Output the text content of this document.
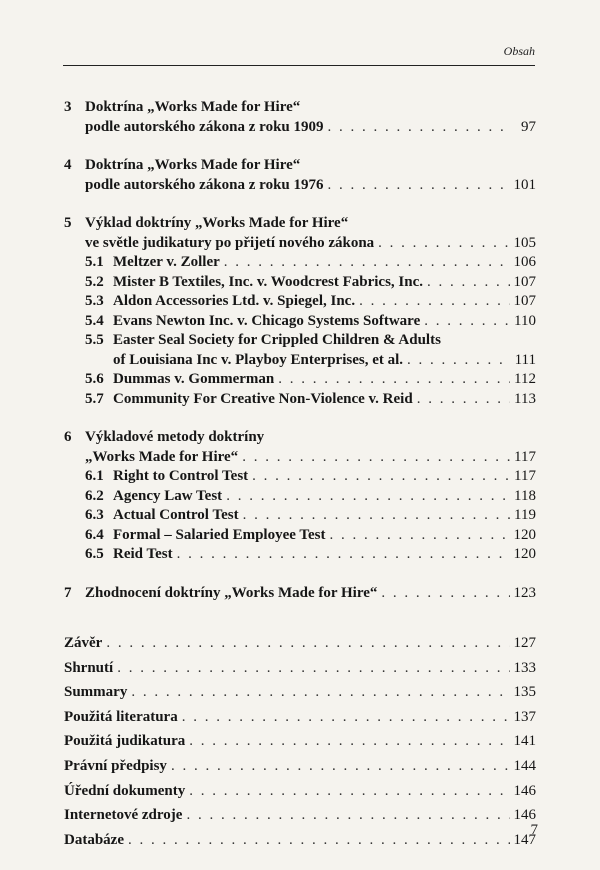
Obsah
3 Doktrína „Works Made for Hire“
podle autorského zákona z roku 1909 . . .	97
4 Doktrína „Works Made for Hire“
podle autorského zákona z roku 1976 . . .	101
5 Výklad doktríny „Works Made for Hire“
ve světle judikatury po přijetí nového zákona . . .	105
5.1 Meltzer v. Zoller . . .	106
5.2 Mister B Textiles, Inc. v. Woodcrest Fabrics, Inc. . . .	107
5.3 Aldon Accessories Ltd. v. Spiegel, Inc. . . .	107
5.4 Evans Newton Inc. v. Chicago Systems Software . . .	110
5.5 Easter Seal Society for Crippled Children & Adults
of Louisiana Inc v. Playboy Enterprises, et al. . . .	111
5.6 Dummas v. Gommerman . . .	112
5.7 Community For Creative Non-Violence v. Reid . . .	113
6 Výkladové metody doktríny
„Works Made for Hire“ . . .	117
6.1 Right to Control Test . . .	117
6.2 Agency Law Test . . .	118
6.3 Actual Control Test . . .	119
6.4 Formal – Salaried Employee Test . . .	120
6.5 Reid Test . . .	120
7 Zhodnocení doktríny „Works Made for Hire“ . . .	123
Závěr . . .	127
Shrnutí . . .	133
Summary . . .	135
Použitá literatura . . .	137
Použitá judikatura . . .	141
Právní předpisy . . .	144
Úřední dokumenty . . .	146
Internetové zdroje . . .	146
Databáze . . .	147
7
